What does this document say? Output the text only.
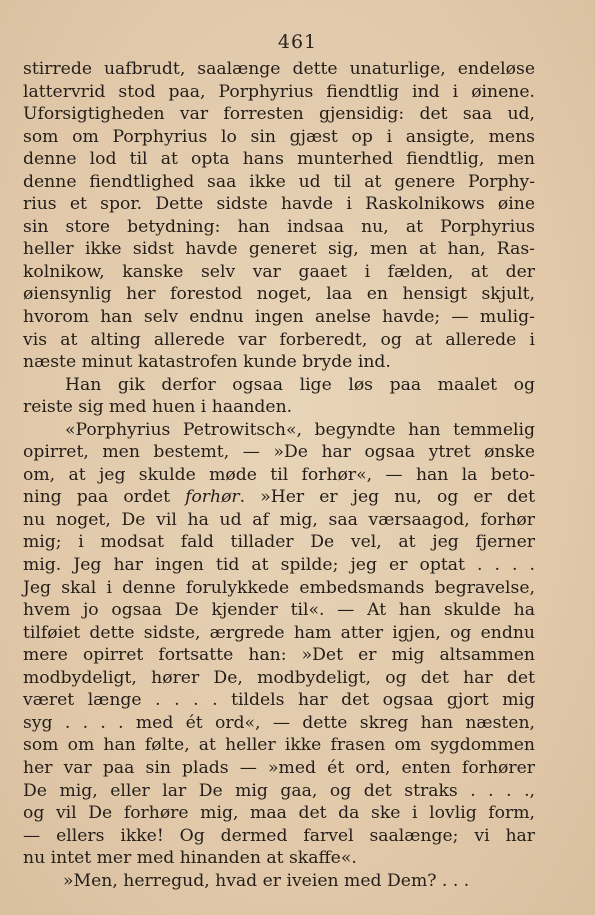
461
stirrede uafbrudt, saalænge dette unaturlige, endeløse
lattervrid stod paa, Porphyrius fiendtlig ind i øinene.
Uforsigtigheden var forresten gjensidig: det saa ud,
som om Porphyrius lo sin gjæst op i ansigte, mens
denne lod til at opta hans munterhed fiendtlig, men
denne fiendtlighed saa ikke ud til at genere Porphy-
rius et spor. Dette sidste havde i Raskolnikows øine
sin store betydning: han indsaa nu, at Porphyrius
heller ikke sidst havde generet sig, men at han, Ras-
kolnikow, kanske selv var gaaet i fælden, at der
øiensynlig her forestod noget, laa en hensigt skjult,
hvorom han selv endnu ingen anelse havde; — mulig-
vis at alting allerede var forberedt, og at allerede i
næste minut katastrofen kunde bryde ind.
Han gik derfor ogsaa lige løs paa maalet og
reiste sig med huen i haanden.
«Porphyrius Petrowitsch«, begyndte han temmelig
opirret, men bestemt, — »De har ogsaa ytret ønske
om, at jeg skulde møde til forhør«, — han la beto-
ning paa ordet forhør. »Her er jeg nu, og er det
nu noget, De vil ha ud af mig, saa værsaagod, forhør
mig; i modsat fald tillader De vel, at jeg fjerner
mig. Jeg har ingen tid at spilde; jeg er optat . . . .
Jeg skal i denne forulykkede embedsmands begravelse,
hvem jo ogsaa De kjender til«. — At han skulde ha
tilføiet dette sidste, ærgrede ham atter igjen, og endnu
mere opirret fortsatte han: »Det er mig altsammen
modbydeligt, hører De, modbydeligt, og det har det
været længe . . . . tildels har det ogsaa gjort mig
syg . . . . med ét ord«, — dette skreg han næsten,
som om han følte, at heller ikke frasen om sygdommen
her var paa sin plads — »med ét ord, enten forhører
De mig, eller lar De mig gaa, og det straks . . . .,
og vil De forhøre mig, maa det da ske i lovlig form,
— ellers ikke! Og dermed farvel saalænge; vi har
nu intet mer med hinanden at skaffe«.
»Men, herregud, hvad er iveien med Dem? . . .
